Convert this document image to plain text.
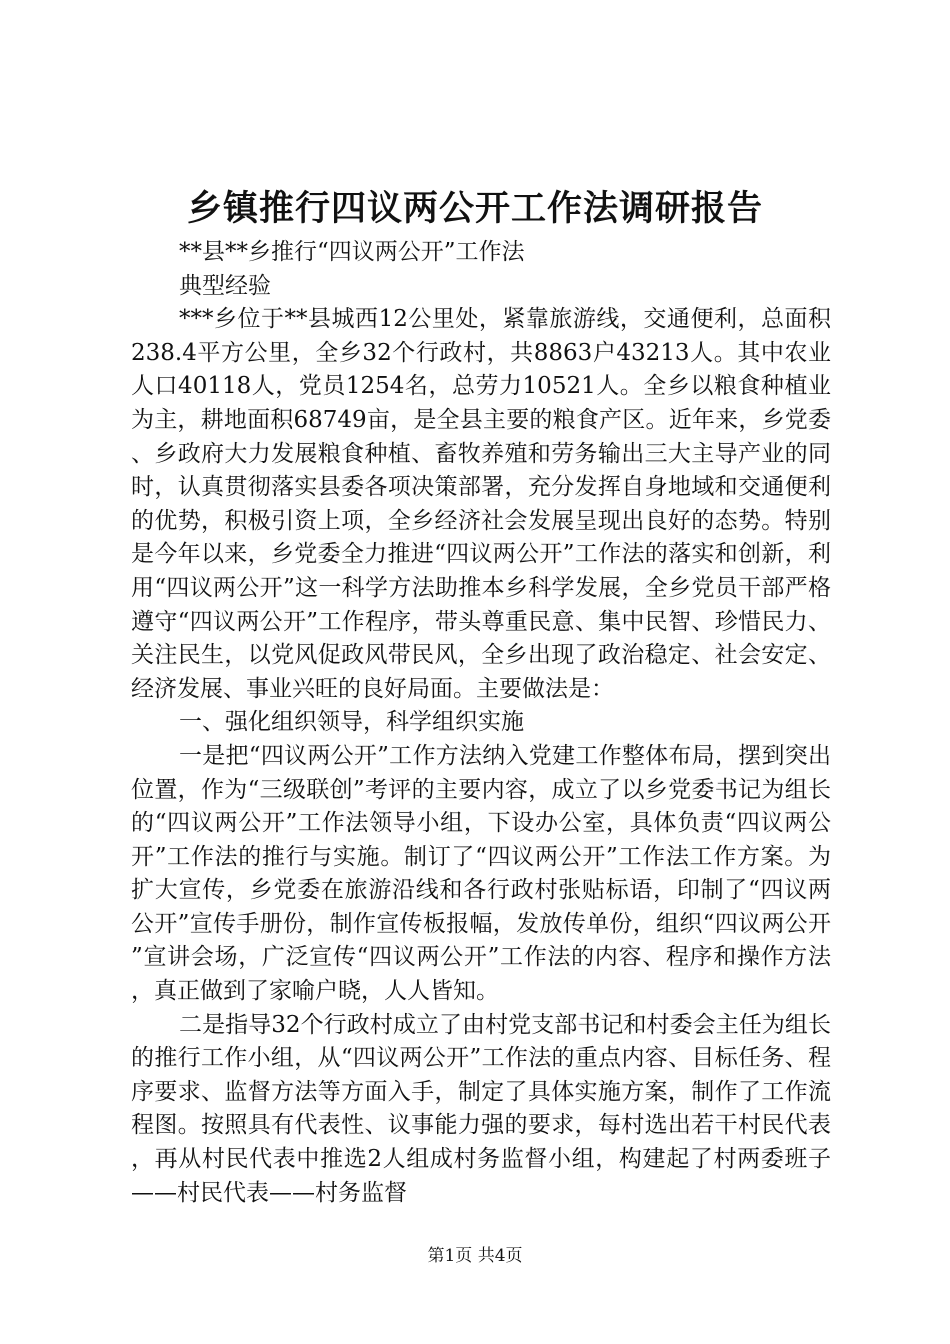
乡镇推行四议两公开工作法调研报告

**县**乡推行“四议两公开”工作法

典型经验

***乡位于**县城西12公里处，紧靠旅游线，交通便利，总面积238.4平方公里，全乡32个行政村，共8863户43213人。其中农业人口40118人，党员1254名，总劳力10521人。全乡以粮食种植业为主，耕地面积68749亩，是全县主要的粮食产区。近年来，乡党委、乡政府大力发展粮食种植、畜牧养殖和劳务输出三大主导产业的同时，认真贯彻落实县委各项决策部署，充分发挥自身地域和交通便利的优势，积极引资上项，全乡经济社会发展呈现出良好的态势。特别是今年以来，乡党委全力推进“四议两公开”工作法的落实和创新，利用“四议两公开”这一科学方法助推本乡科学发展，全乡党员干部严格遵守“四议两公开”工作程序，带头尊重民意、集中民智、珍惜民力、关注民生，以党风促政风带民风，全乡出现了政治稳定、社会安定、经济发展、事业兴旺的良好局面。主要做法是：

一、强化组织领导，科学组织实施

一是把“四议两公开”工作方法纳入党建工作整体布局，摆到突出位置，作为“三级联创”考评的主要内容，成立了以乡党委书记为组长的“四议两公开”工作法领导小组，下设办公室，具体负责“四议两公开”工作法的推行与实施。制订了“四议两公开”工作法工作方案。为扩大宣传，乡党委在旅游沿线和各行政村张贴标语，印制了“四议两公开”宣传手册份，制作宣传板报幅，发放传单份，组织“四议两公开”宣讲会场，广泛宣传“四议两公开”工作法的内容、程序和操作方法，真正做到了家喻户晓，人人皆知。

二是指导32个行政村成立了由村党支部书记和村委会主任为组长的推行工作小组，从“四议两公开”工作法的重点内容、目标任务、程序要求、监督方法等方面入手，制定了具体实施方案，制作了工作流程图。按照具有代表性、议事能力强的要求，每村选出若干村民代表，再从村民代表中推选2人组成村务监督小组，构建起了村两委班子——村民代表——村务监督

第1页 共4页
